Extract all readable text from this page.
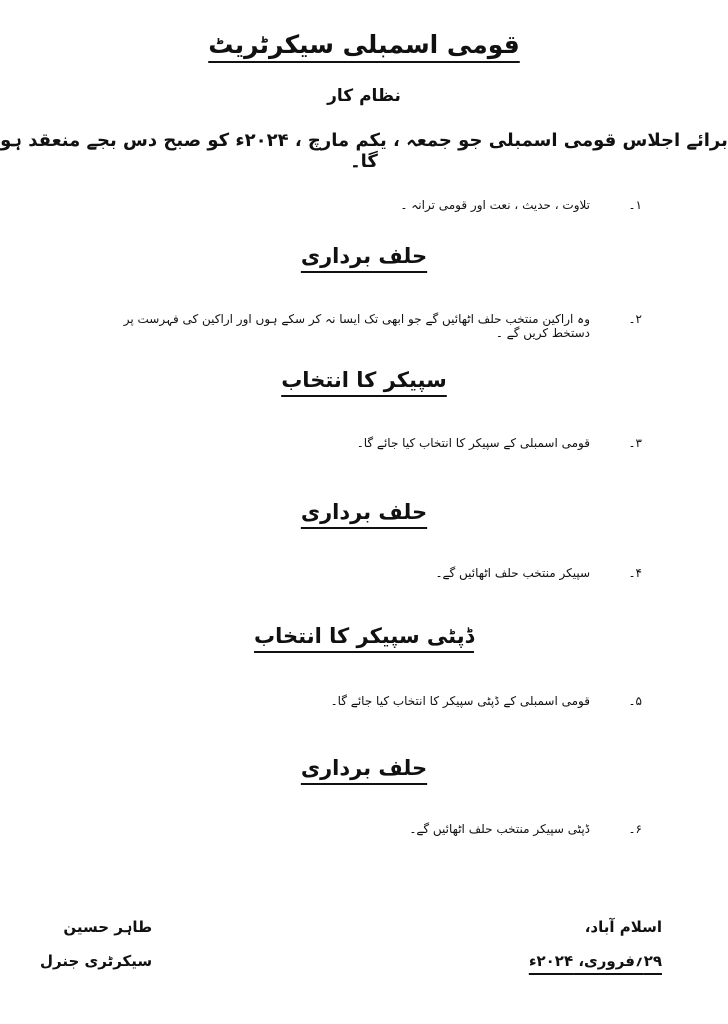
قومی اسمبلی سیکرٹریٹ
نظام کار
برائے اجلاس قومی اسمبلی جو جمعہ ، یکم مارچ ، ۲۰۲۴ء کو صبح دس بجے منعقد ہو گا۔
۱۔
تلاوت ، حدیث ، نعت اور قومی ترانہ ۔
حلف برداری
۲۔
وہ اراکین منتخب حلف اٹھائیں گے جو ابھی تک ایسا نہ کر سکے ہوں اور اراکین کی فہرست پر دستخط کریں گے ۔
سپیکر کا انتخاب
۳۔
قومی اسمبلی کے سپیکر کا انتخاب کیا جائے گا۔
حلف برداری
۴۔
سپیکر منتخب حلف اٹھائیں گے۔
ڈپٹی سپیکر کا انتخاب
۵۔
قومی اسمبلی کے ڈپٹی سپیکر کا انتخاب کیا جائے گا۔
حلف برداری
۶۔
ڈپٹی سپیکر منتخب حلف اٹھائیں گے۔
اسلام آباد،
۲۹؍فروری، ۲۰۲۴ء
طاہر حسین
سیکرٹری جنرل
